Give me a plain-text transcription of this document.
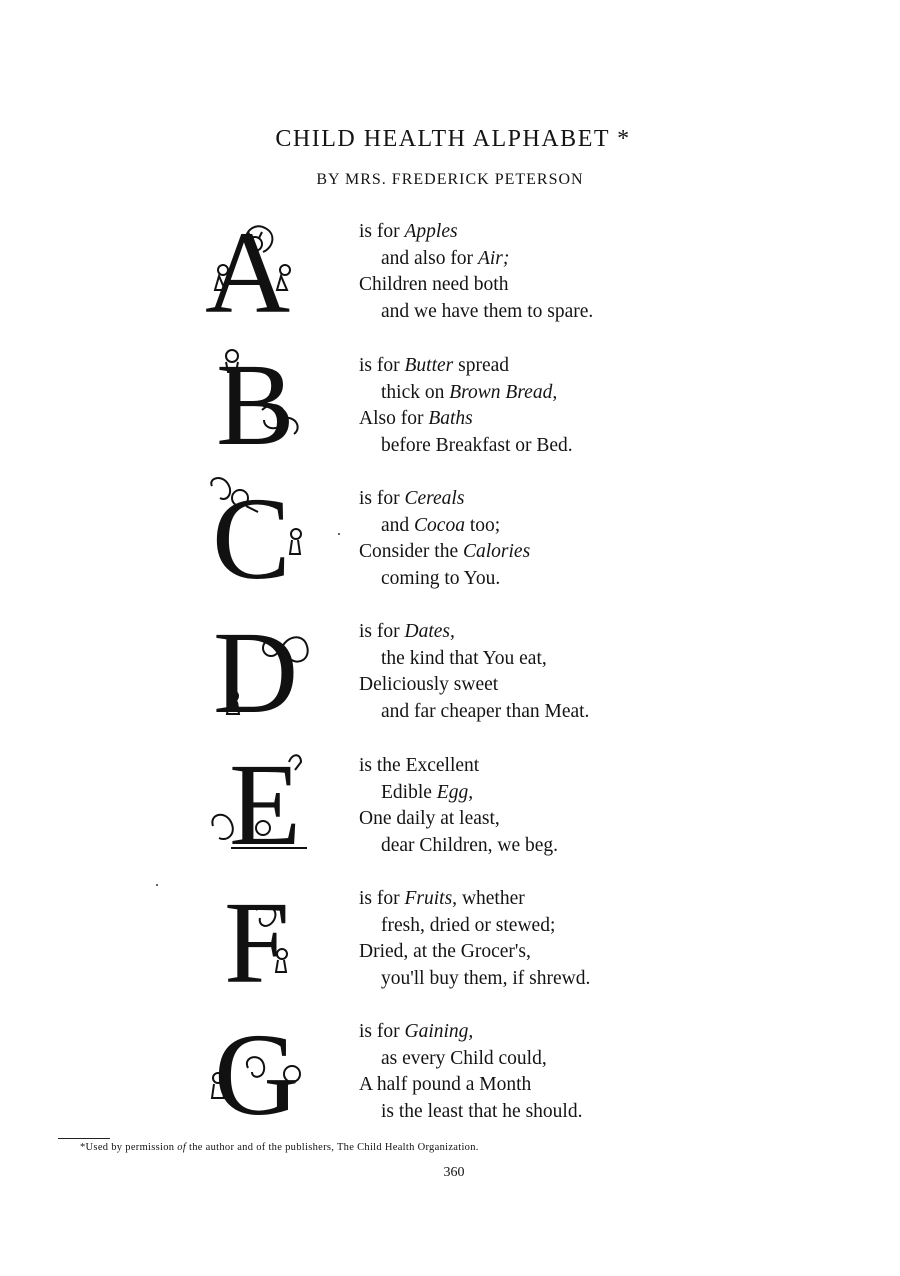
CHILD HEALTH ALPHABET *
BY MRS. FREDERICK PETERSON
A	is for Apples
and also for Air;
Children need both
and we have them to spare.
B	is for Butter spread
thick on Brown Bread,
Also for Baths
before Breakfast or Bed.
C	is for Cereals
and Cocoa too;
Consider the Calories
coming to You.
D	is for Dates,
the kind that You eat,
Deliciously sweet
and far cheaper than Meat.
E	is the Excellent
Edible Egg,
One daily at least,
dear Children, we beg.
F	is for Fruits, whether
fresh, dried or stewed;
Dried, at the Grocer's,
you'll buy them, if shrewd.
G	is for Gaining,
as every Child could,
A half pound a Month
is the least that he should.
*Used by permission of the author and of the publishers, The Child Health Organization.
360
